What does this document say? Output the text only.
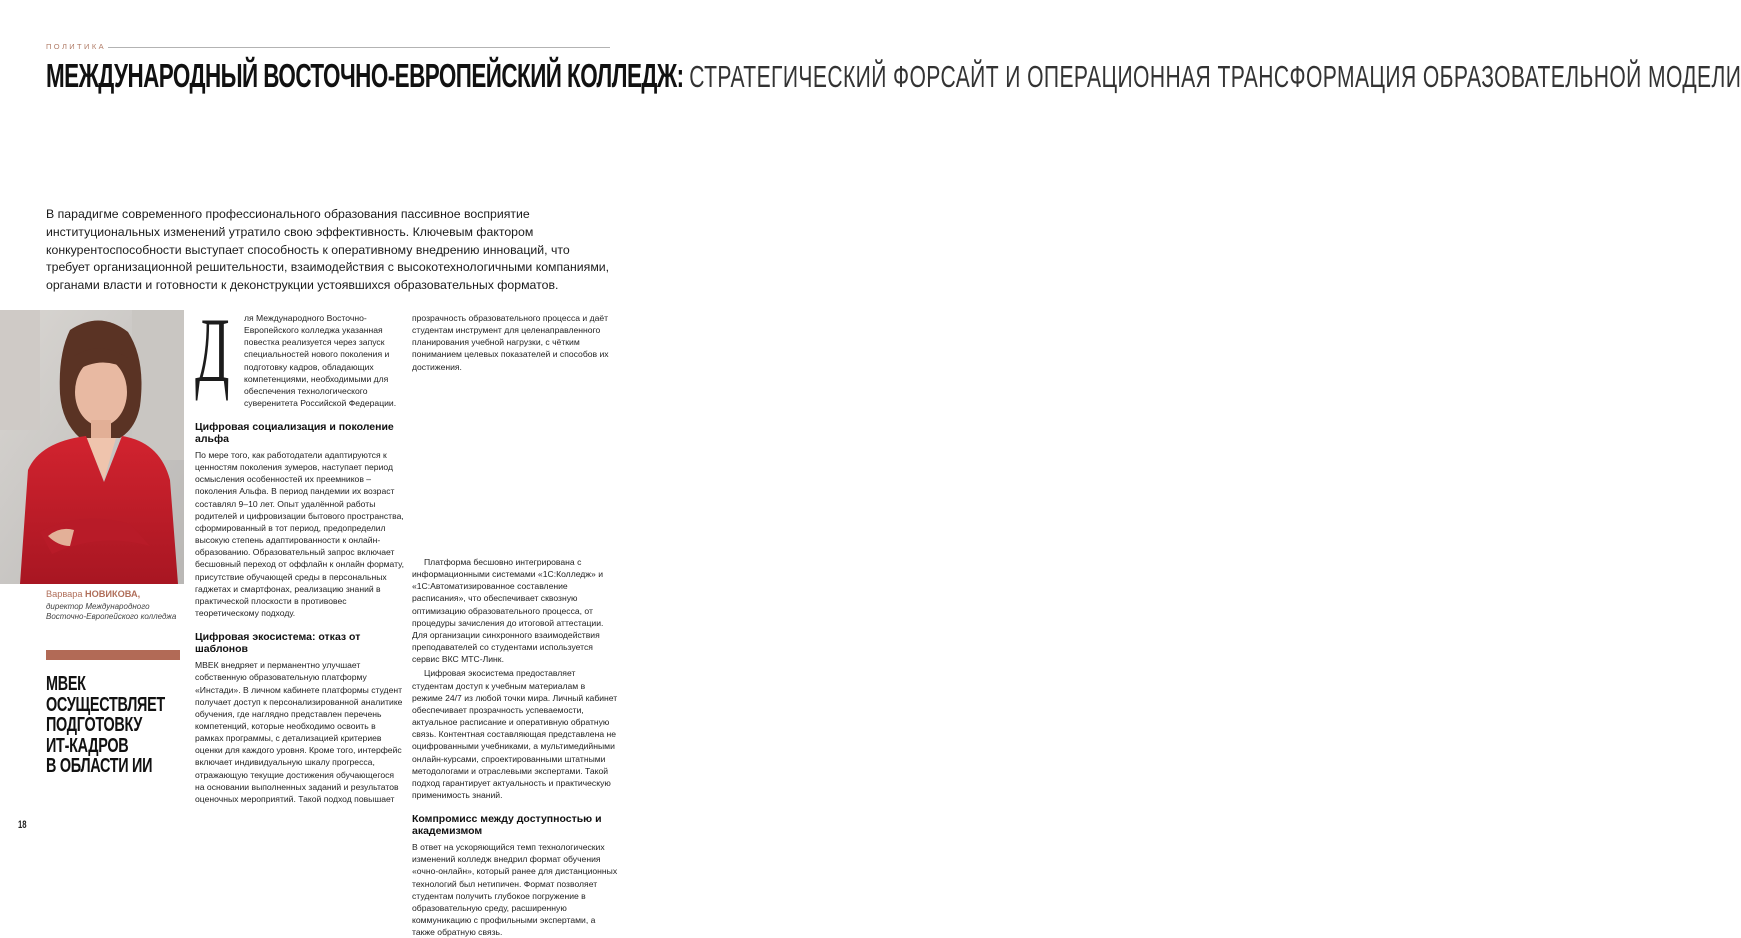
ПОЛИТИКА
МЕЖДУНАРОДНЫЙ ВОСТОЧНО-ЕВРОПЕЙСКИЙ КОЛЛЕДЖ: СТРАТЕГИЧЕСКИЙ ФОРСАЙТ И ОПЕРАЦИОННАЯ ТРАНСФОРМАЦИЯ ОБРАЗОВАТЕЛЬНОЙ МОДЕЛИ

В парадигме современного профессионального образования пассивное восприятие институциональных изменений утратило свою эффективность. Ключевым фактором конкурентоспособности выступает способность к оперативному внедрению инноваций, что требует организационной решительности, взаимодействия с высокотехнологичными компаниями, органами власти и готовности к деконструкции устоявшихся образовательных форматов.

Варвара НОВИКОВА,
директор Международного Восточно-Европейского колледжа

МВЕК
ОСУЩЕСТВЛЯЕТ
ПОДГОТОВКУ
ИТ-КАДРОВ
В ОБЛАСТИ ИИ

Д ля Международного Восточно-Европейского колледжа указанная повестка реализуется через запуск специальностей нового поколения и подготовку кадров, обладающих компетенциями, необходимыми для обеспечения технологического суверенитета Российской Федерации.

Цифровая социализация и поколение альфа

По мере того, как работодатели адаптируются к ценностям поколения зумеров, наступает период осмысления особенностей их преемников – поколения Альфа. В период пандемии их возраст составлял 9–10 лет. Опыт удалённой работы родителей и цифровизации бытового пространства, сформированный в тот период, предопределил высокую степень адаптированности к онлайн-образованию. Образовательный запрос включает бесшовный переход от оффлайн к онлайн формату, присутствие обучающей среды в персональных гаджетах и смартфонах, реализацию знаний в практической плоскости в противовес теоретическому подходу.

Цифровая экосистема: отказ от шаблонов

МВЕК внедряет и перманентно улучшает собственную образовательную платформу «Инстади». В личном кабинете платформы студент получает доступ к персонализированной аналитике обучения, где наглядно представлен перечень компетенций, которые необходимо освоить в рамках программы, с детализацией критериев оценки для каждого уровня. Кроме того, интерфейс включает индивидуальную шкалу прогресса, отражающую текущие достижения обучающегося на основании выполненных заданий и результатов оценочных мероприятий. Такой подход повышает

Платформа бесшовно интегрирована с информационными системами «1С:Колледж» и «1С:Автоматизированное составление расписания», что обеспечивает сквозную оптимизацию образовательного процесса, от процедуры зачисления до итоговой аттестации. Для организации синхронного взаимодействия преподавателей со студентами используется сервис ВКС МТС-Линк.

Цифровая экосистема предоставляет студентам доступ к учебным материалам в режиме 24/7 из любой точки мира. Личный кабинет обеспечивает прозрачность успеваемости, актуальное расписание и оперативную обратную связь. Контентная составляющая представлена не оцифрованными учебниками, а мультимедийными онлайн-курсами, спроектированными штатными методологами и отраслевыми экспертами. Такой подход гарантирует актуальность и практическую применимость знаний.

Компромисс между доступностью и академизмом

В ответ на ускоряющийся темп технологических изменений колледж внедрил формат обучения «очно-онлайн», который ранее для дистанционных технологий был нетипичен. Формат позволяет студентам получить глубокое погружение в образовательную среду, расширенную коммуникацию с профильными экспертами, а также обратную связь.

прозрачность образовательного процесса и даёт студентам инструмент для целенаправленного планирования учебной нагрузки, с чётким пониманием целевых показателей и способов их достижения.

18
